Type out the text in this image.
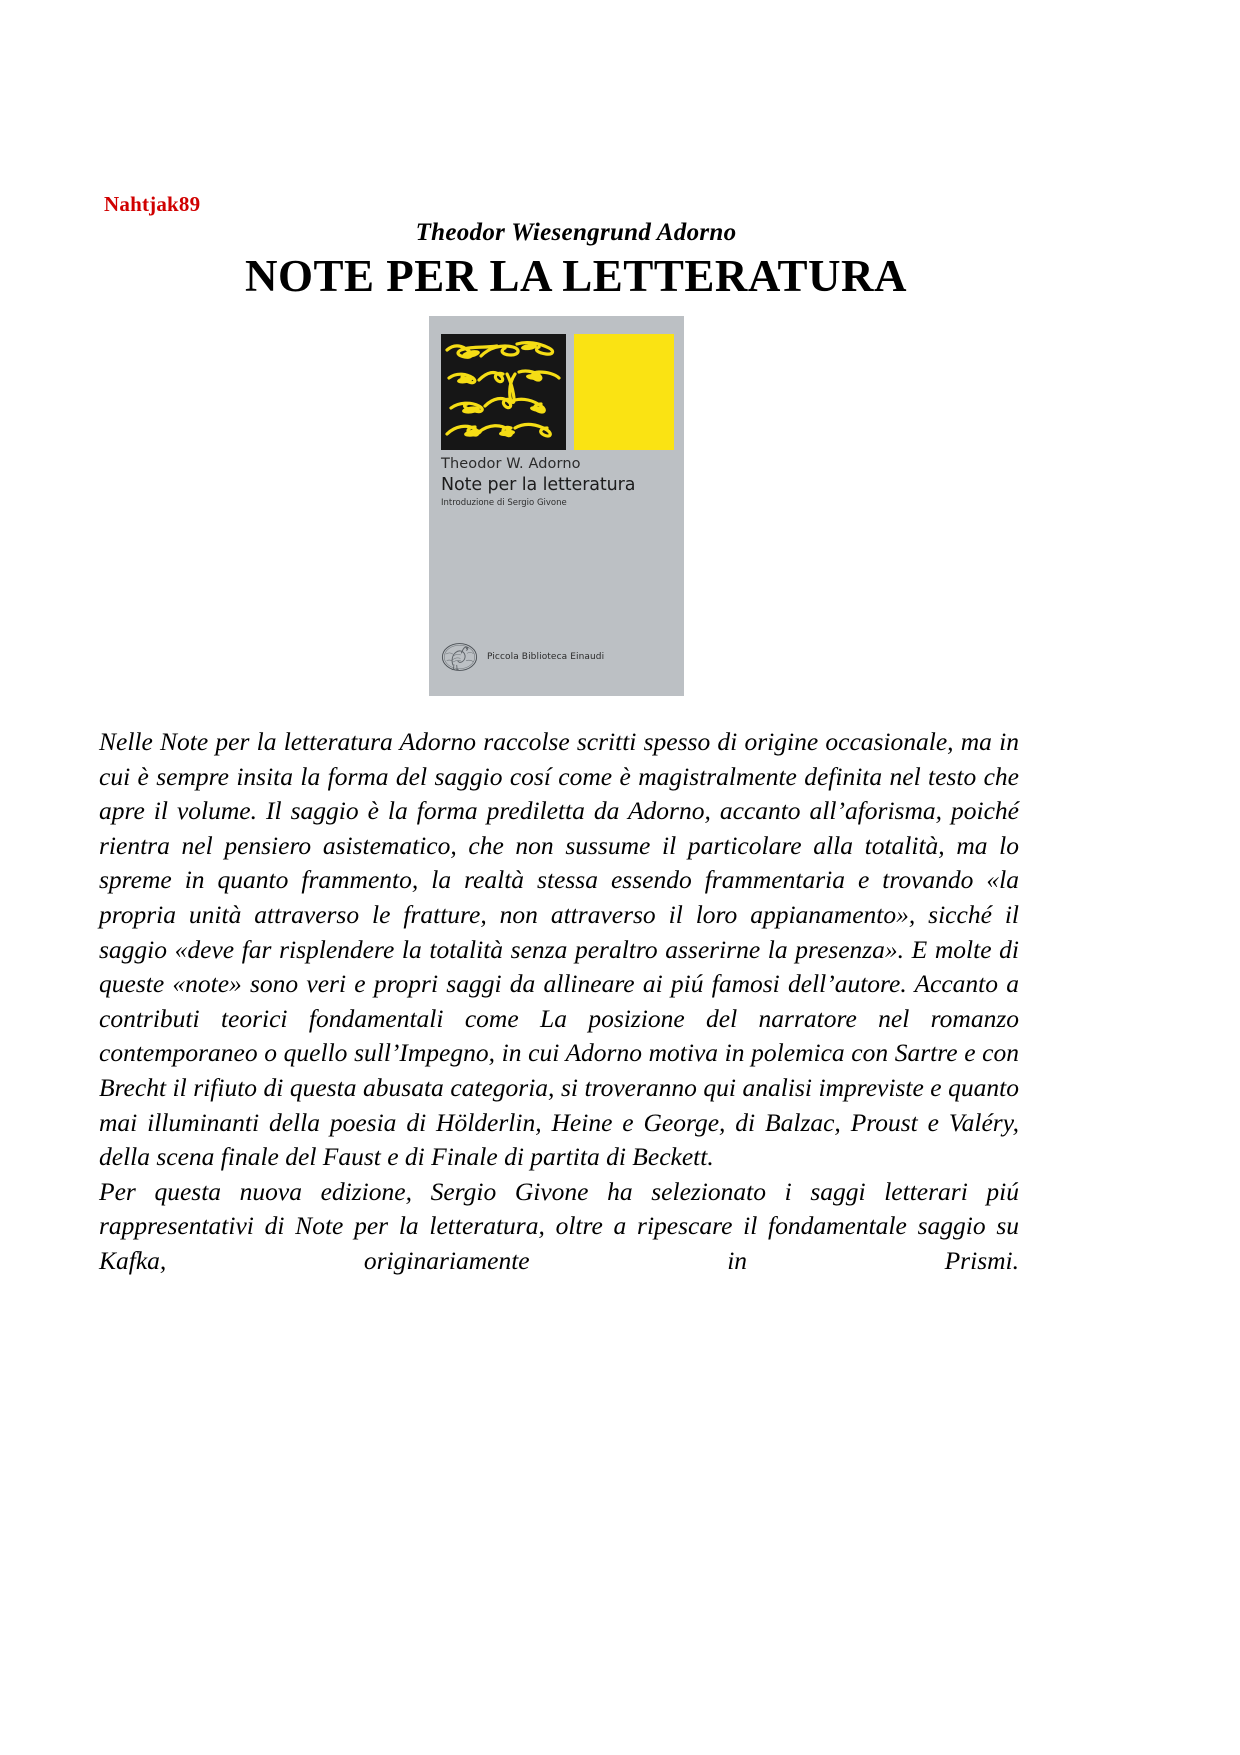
Nahtjak89
Theodor Wiesengrund Adorno
NOTE PER LA LETTERATURA
Theodor W. Adorno
Note per la letteratura
Introduzione di Sergio Givone
Piccola Biblioteca Einaudi

Nelle Note per la letteratura Adorno raccolse scritti spesso di origine occasionale, ma in cui è sempre insita la forma del saggio cosí come è magistralmente definita nel testo che apre il volume. Il saggio è la forma prediletta da Adorno, accanto all’aforisma, poiché rientra nel pensiero asistematico, che non sussume il particolare alla totalità, ma lo spreme in quanto frammento, la realtà stessa essendo frammentaria e trovando «la propria unità attraverso le fratture, non attraverso il loro appianamento», sicché il saggio «deve far risplendere la totalità senza peraltro asserirne la presenza». E molte di queste «note» sono veri e propri saggi da allineare ai piú famosi dell’autore. Accanto a contributi teorici fondamentali come La posizione del narratore nel romanzo contemporaneo o quello sull’Impegno, in cui Adorno motiva in polemica con Sartre e con Brecht il rifiuto di questa abusata categoria, si troveranno qui analisi impreviste e quanto mai illuminanti della poesia di Hölderlin, Heine e George, di Balzac, Proust e Valéry, della scena finale del Faust e di Finale di partita di Beckett.

Per questa nuova edizione, Sergio Givone ha selezionato i saggi letterari piú rappresentativi di Note per la letteratura, oltre a ripescare il fondamentale saggio su Kafka, originariamente in Prismi.
